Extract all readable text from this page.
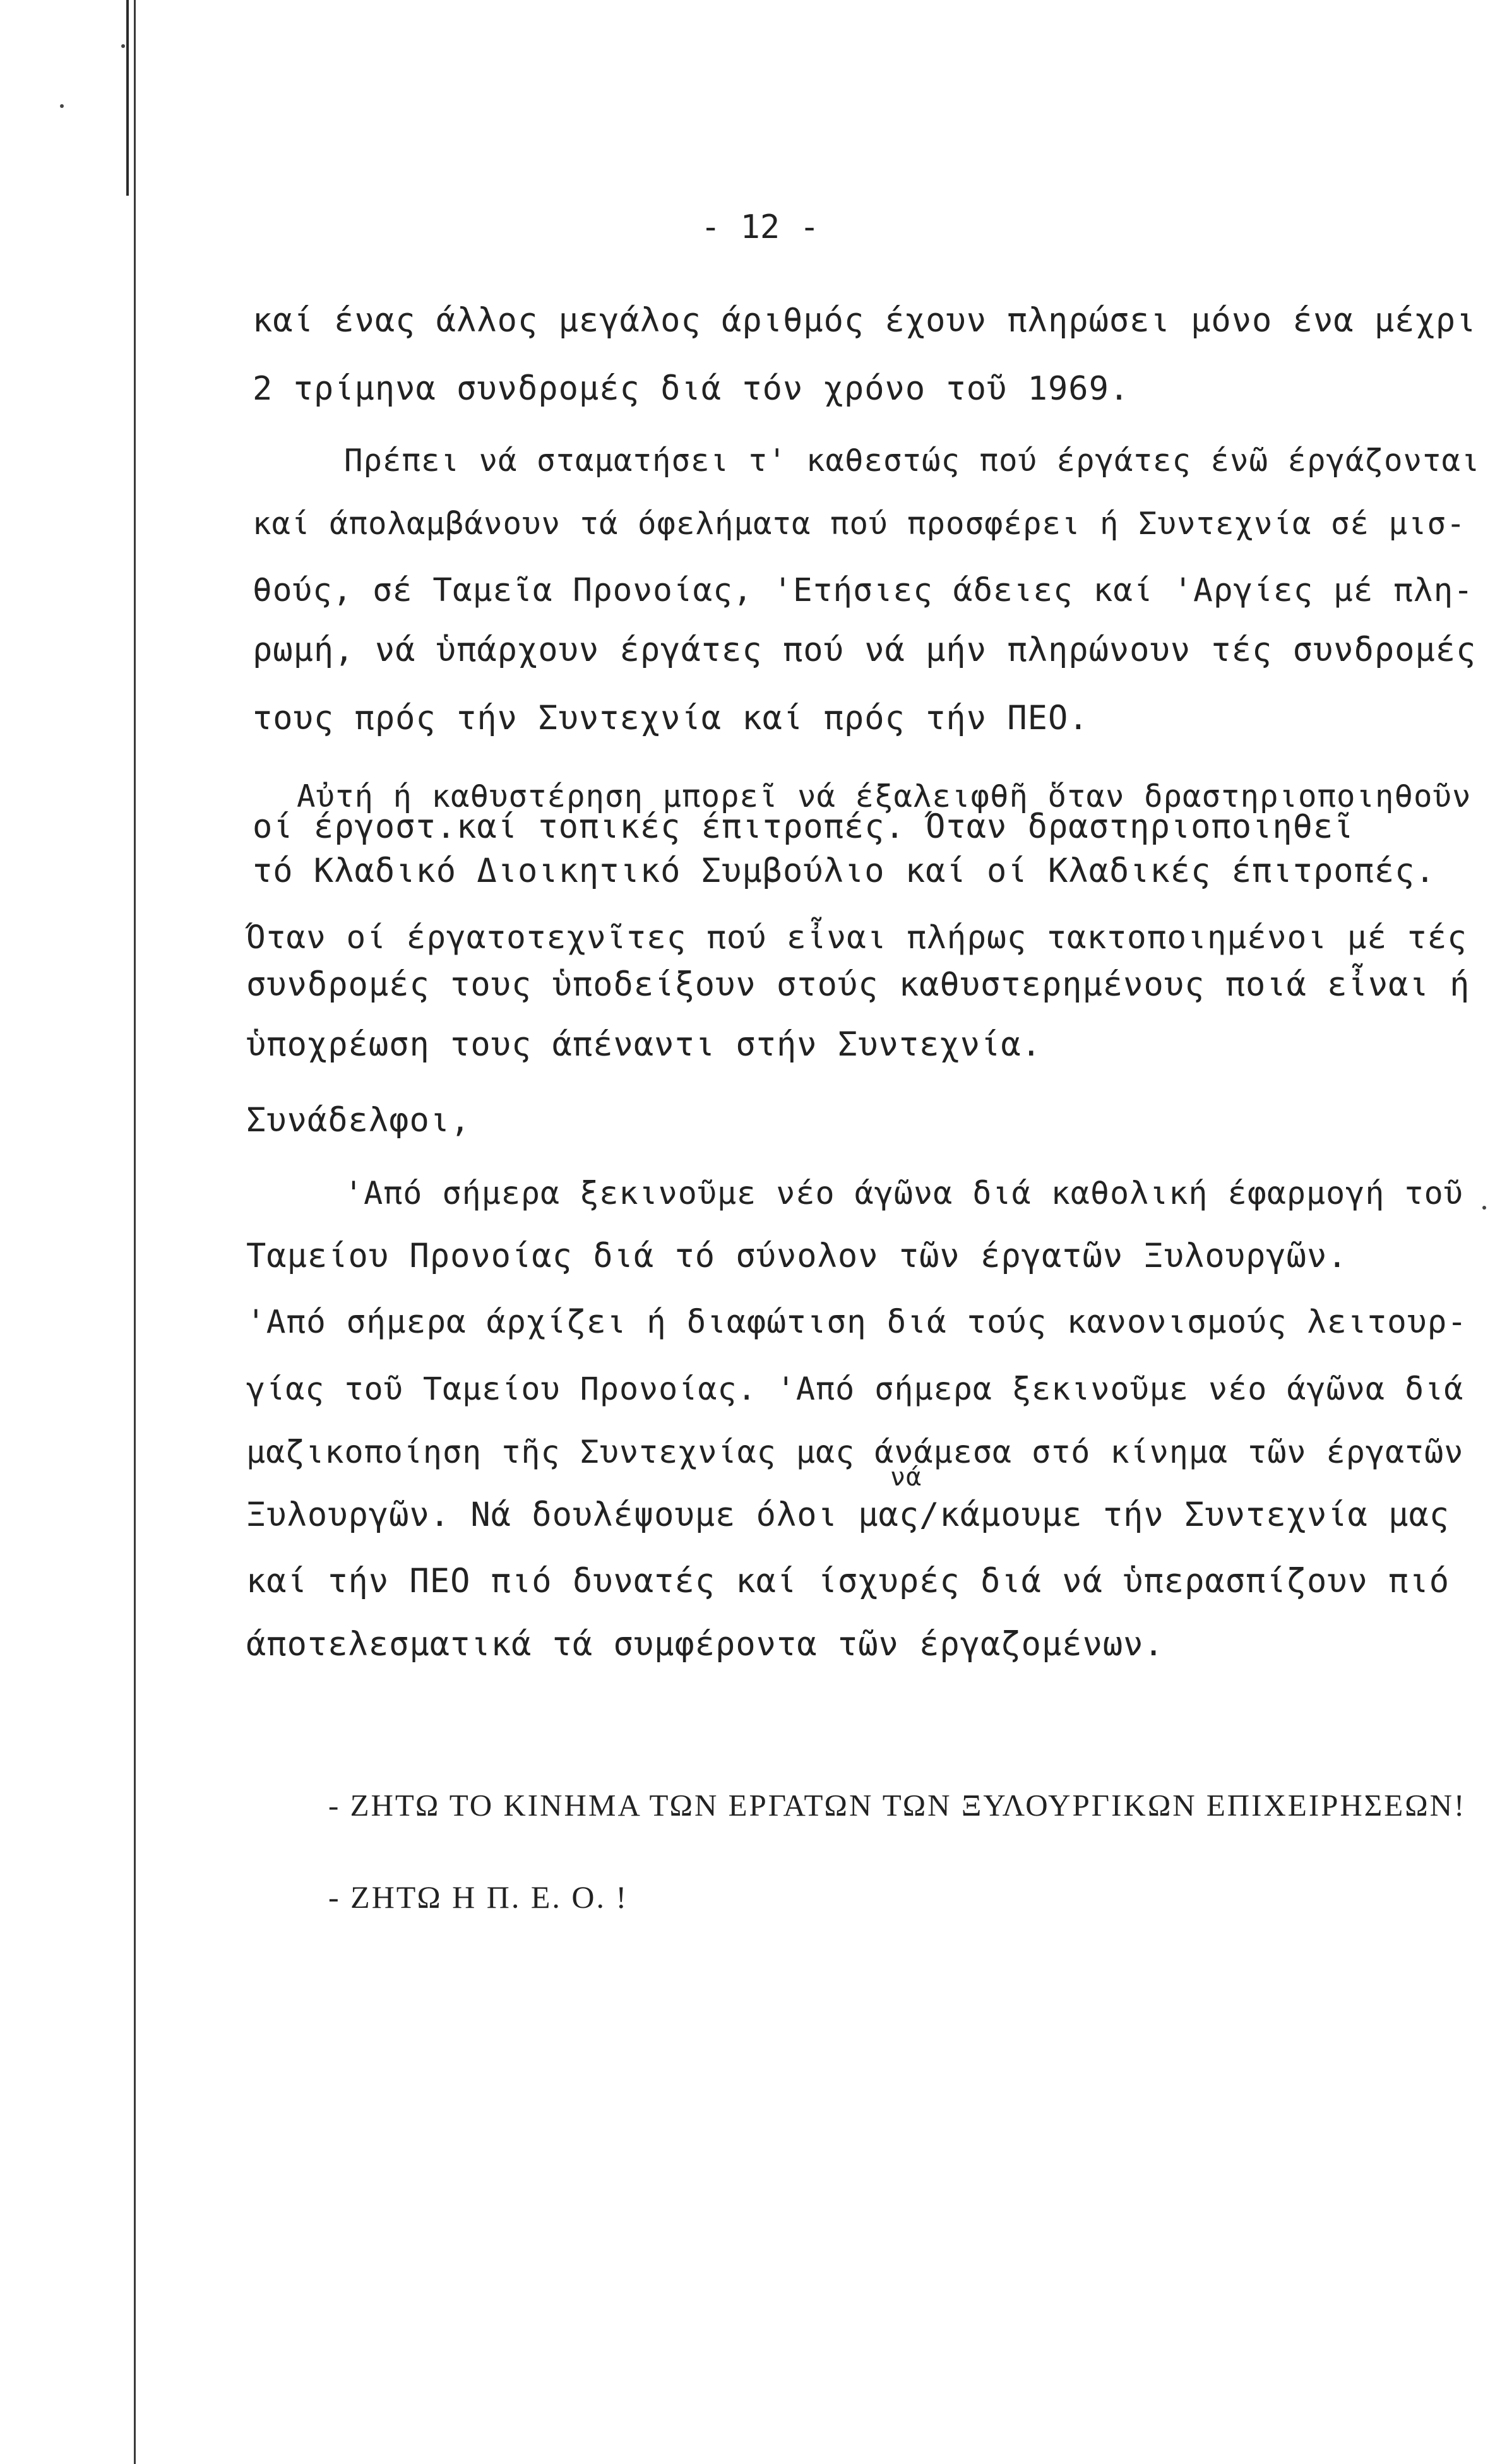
- 12 -
καί ένας άλλος μεγάλος άριθμός έχουν πληρώσει μόνο ένα μέχρι
2 τρίμηνα συνδρομές διά τόν χρόνο τοῦ 1969.
Πρέπει νά σταματήσει τ' καθεστώς πού έργάτες ένῶ έργάζονται
καί άπολαμβάνουν τά όφελήματα πού προσφέρει ή Συντεχνία σέ μισ-
θούς, σέ Ταμεῖα Προνοίας, 'Ετήσιες άδειες καί 'Αργίες μέ πλη-
ρωμή, νά ὑπάρχουν έργάτες πού νά μήν πληρώνουν τές συνδρομές
τους πρός τήν Συντεχνία καί πρός τήν ΠΕΟ.
Αὐτή ή καθυστέρηση μπορεῖ νά έξαλειφθῆ ὅταν δραστηριοποιηθοῦν
οί έργοστ.καί τοπικές έπιτροπές. Όταν δραστηριοποιηθεῖ
τό Κλαδικό Διοικητικό Συμβούλιο καί οί Κλαδικές έπιτροπές.
Όταν οί έργατοτεχνῖτες πού εἶναι πλήρως τακτοποιημένοι μέ τές
συνδρομές τους ὑποδείξουν στούς καθυστερημένους ποιά εἶναι ή
ὑποχρέωση τους άπέναντι στήν Συντεχνία.
Συνάδελφοι,
'Από σήμερα ξεκινοῦμε νέο άγῶνα διά καθολική έφαρμογή τοῦ
Ταμείου Προνοίας διά τό σύνολον τῶν έργατῶν Ξυλουργῶν.
'Από σήμερα άρχίζει ή διαφώτιση διά τούς κανονισμούς λειτουρ-
γίας τοῦ Ταμείου Προνοίας. 'Από σήμερα ξεκινοῦμε νέο άγῶνα διά
μαζικοποίηση τῆς Συντεχνίας μας άνάμεσα στό κίνημα τῶν έργατῶν
νά
Ξυλουργῶν. Νά δουλέψουμε όλοι μας/κάμουμε τήν Συντεχνία μας
καί τήν ΠΕΟ πιό δυνατές καί ίσχυρές διά νά ὑπερασπίζουν πιό
άποτελεσματικά τά συμφέροντα τῶν έργαζομένων.
- ΖΗΤΩ ΤΟ ΚΙΝΗΜΑ ΤΩΝ ΕΡΓΑΤΩΝ ΤΩΝ ΞΥΛΟΥΡΓΙΚΩΝ ΕΠΙΧΕΙΡΗΣΕΩΝ!
- ΖΗΤΩ Η Π. Ε. Ο. !
